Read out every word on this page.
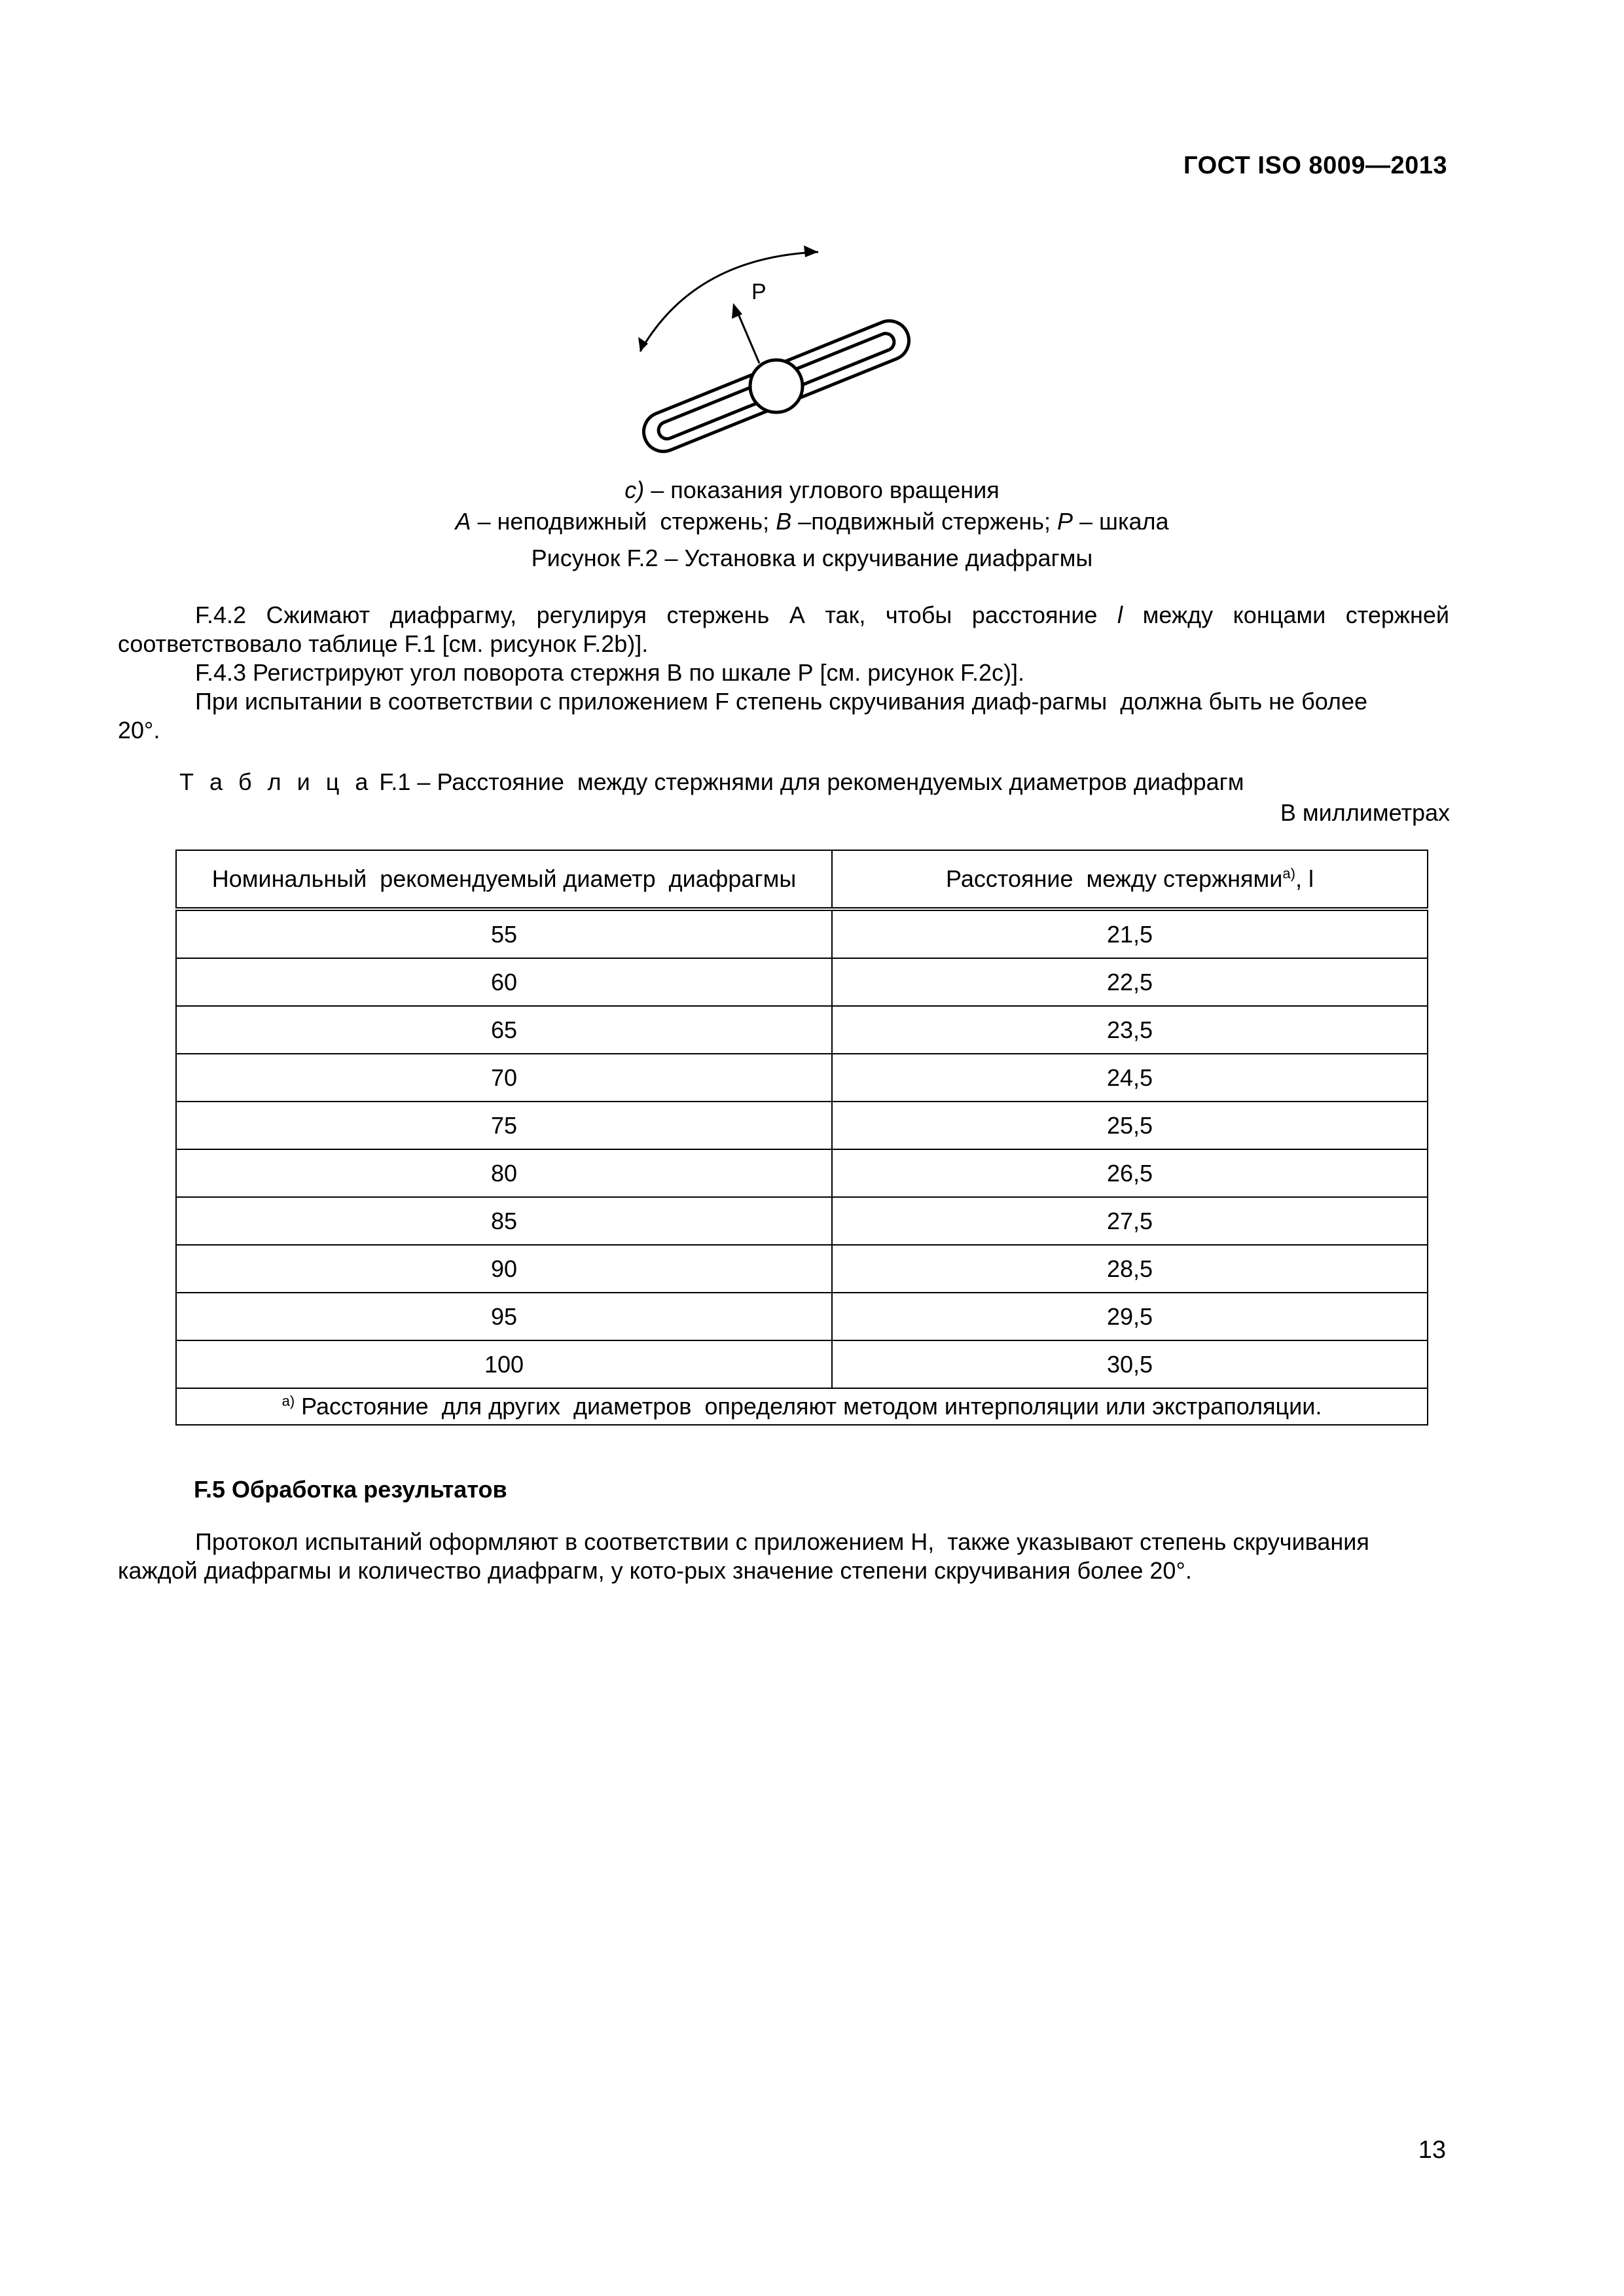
ГОСТ ISO 8009—2013
P
c) – показания углового вращения
A – неподвижный  стержень; B –подвижный стержень; P – шкала
Рисунок F.2 – Установка и скручивание диафрагмы
F.4.2 Сжимают диафрагму, регулируя стержень А так, чтобы расстояние l между концами стержней
соответствовало таблице F.1 [см. рисунок F.2b)].
F.4.3 Регистрируют угол поворота стержня В по шкале Р [см. рисунок F.2c)].
При испытании в соответствии с приложением F степень скручивания диаф-рагмы  должна быть не более
20°.
Т а б л и ц а F.1 – Расстояние  между стержнями для рекомендуемых диаметров диафрагм
В миллиметрах
Номинальный  рекомендуемый диаметр  диафрагмы	Расстояние  между стержнями$^{a)}$, l
55	21,5
60	22,5
65	23,5
70	24,5
75	25,5
80	26,5
85	27,5
90	28,5
95	29,5
100	30,5
$^{a)}$ Расстояние  для других  диаметров  определяют методом интерполяции или экстраполяции.	
F.5 Обработка результатов
Протокол испытаний оформляют в соответствии с приложением Н,  также указывают степень скручивания
каждой диафрагмы и количество диафрагм, у кото-рых значение степени скручивания более 20°.
13
